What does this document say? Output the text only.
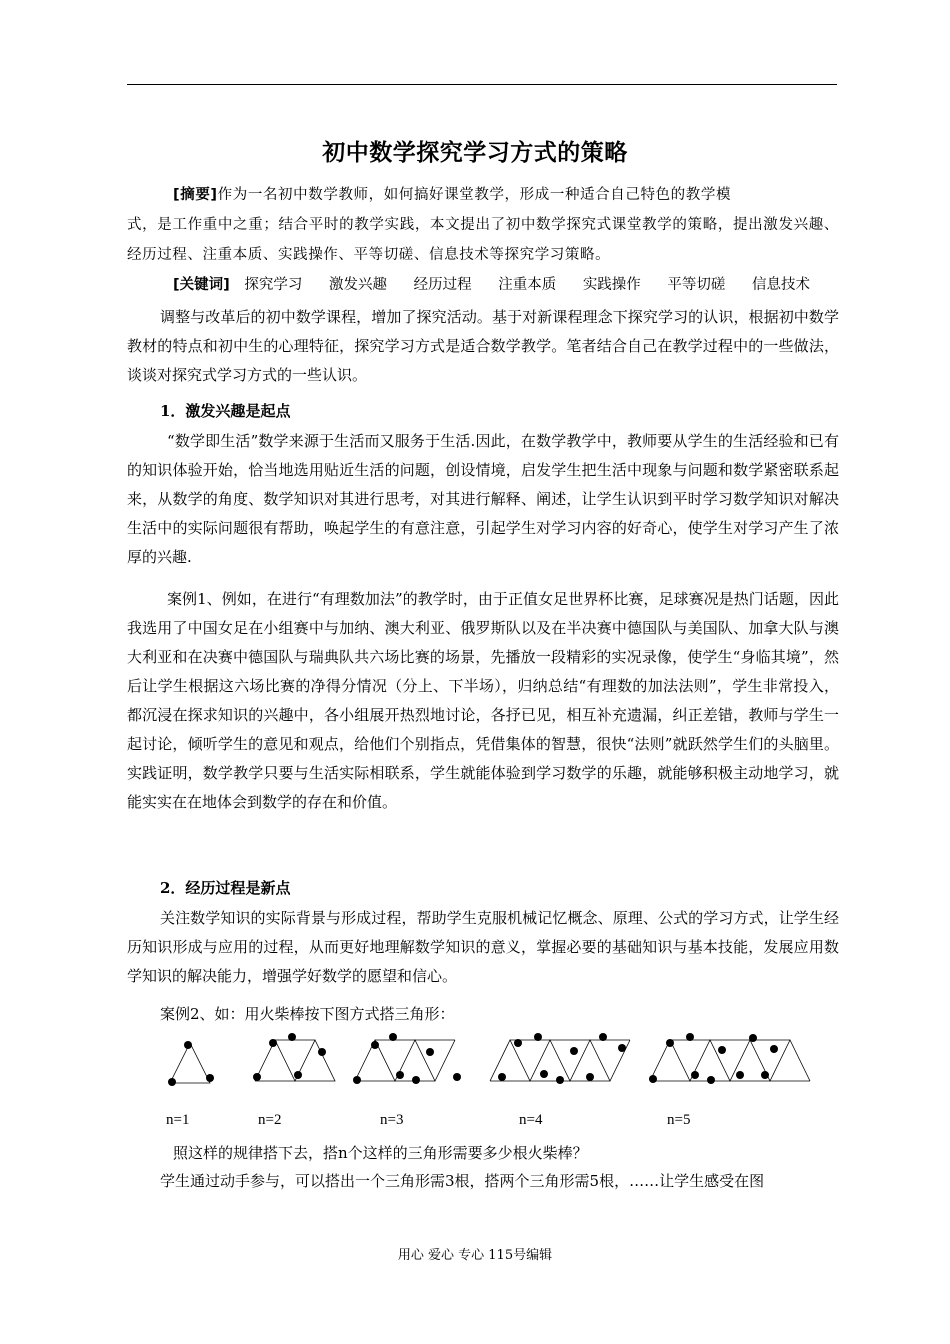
初中数学探究学习方式的策略
[摘要]作为一名初中数学教师，如何搞好课堂教学，形成一种适合自己特色的教学模
式，是工作重中之重；结合平时的教学实践，本文提出了初中数学探究式课堂教学的策略，提出激发兴趣、经历过程、注重本质、实践操作、平等切磋、信息技术等探究学习策略。
[关键词] 探究学习 激发兴趣 经历过程 注重本质 实践操作 平等切磋 信息技术
调整与改革后的初中数学课程，增加了探究活动。基于对新课程理念下探究学习的认识，根据初中数学教材的特点和初中生的心理特征，探究学习方式是适合数学教学。笔者结合自己在教学过程中的一些做法，谈谈对探究式学习方式的一些认识。
1．激发兴趣是起点
“数学即生活”数学来源于生活而又服务于生活.因此，在数学教学中，教师要从学生的生活经验和已有的知识体验开始，恰当地选用贴近生活的问题，创设情境，启发学生把生活中现象与问题和数学紧密联系起来，从数学的角度、数学知识对其进行思考，对其进行解释、阐述，让学生认识到平时学习数学知识对解决生活中的实际问题很有帮助，唤起学生的有意注意，引起学生对学习内容的好奇心，使学生对学习产生了浓厚的兴趣.
案例1、例如，在进行“有理数加法”的教学时，由于正值女足世界杯比赛，足球赛况是热门话题，因此我选用了中国女足在小组赛中与加纳、澳大利亚、俄罗斯队以及在半决赛中德国队与美国队、加拿大队与澳大利亚和在决赛中德国队与瑞典队共六场比赛的场景，先播放一段精彩的实况录像，使学生“身临其境”，然后让学生根据这六场比赛的净得分情况（分上、下半场），归纳总结“有理数的加法法则”，学生非常投入，都沉浸在探求知识的兴趣中，各小组展开热烈地讨论，各抒已见，相互补充遗漏，纠正差错，教师与学生一起讨论，倾听学生的意见和观点，给他们个别指点，凭借集体的智慧，很快“法则”就跃然学生们的头脑里。实践证明，数学教学只要与生活实际相联系，学生就能体验到学习数学的乐趣，就能够积极主动地学习，就能实实在在地体会到数学的存在和价值。
2．经历过程是新点
关注数学知识的实际背景与形成过程，帮助学生克服机械记忆概念、原理、公式的学习方式，让学生经历知识形成与应用的过程，从而更好地理解数学知识的意义，掌握必要的基础知识与基本技能，发展应用数学知识的解决能力，增强学好数学的愿望和信心。
案例2、如：用火柴棒按下图方式搭三角形：
n=1	n=2	n=3	n=4	n=5
照这样的规律搭下去，搭n个这样的三角形需要多少根火柴棒？
学生通过动手参与，可以搭出一个三角形需3根，搭两个三角形需5根，……让学生感受在图
用心 爱心 专心 115号编辑
